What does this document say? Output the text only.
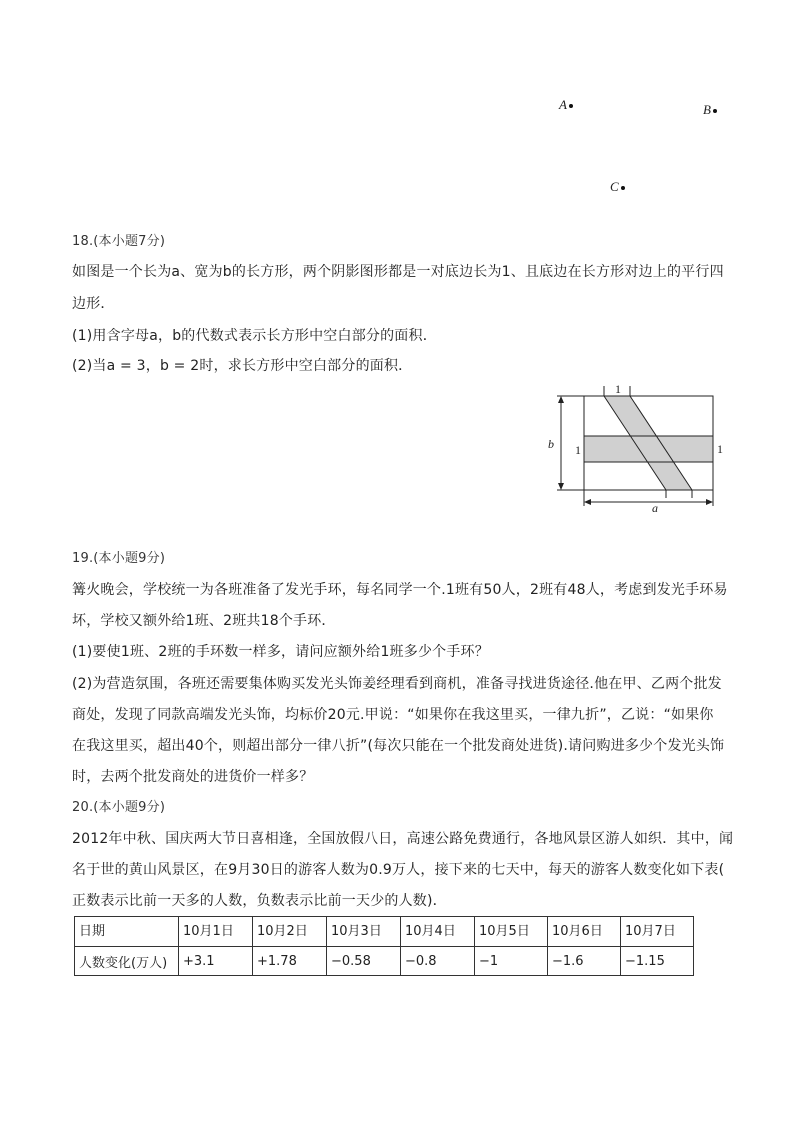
A	B
C
18.(本小题7分)
如图是一个长为a、宽为b的长方形，两个阴影图形都是一对底边长为1、且底边在长方形对边上的平行四
边形．
(1)用含字母a，b的代数式表示长方形中空白部分的面积．
(2)当a = 3，b = 2时，求长方形中空白部分的面积．
1
1
1
b
a
19.(本小题9分)
篝火晚会，学校统一为各班准备了发光手环，每名同学一个.1班有50人，2班有48人，考虑到发光手环易
坏，学校又额外给1班、2班共18个手环．
(1)要使1班、2班的手环数一样多，请问应额外给1班多少个手环？
(2)为营造氛围，各班还需要集体购买发光头饰姜经理看到商机，准备寻找进货途径.他在甲、乙两个批发
商处，发现了同款高端发光头饰，均标价20元.甲说：“如果你在我这里买，一律九折”，乙说：“如果你
在我这里买，超出40个，则超出部分一律八折”(每次只能在一个批发商处进货).请问购进多少个发光头饰
时，去两个批发商处的进货价一样多？
20.(本小题9分)
2012年中秋、国庆两大节日喜相逢，全国放假八日，高速公路免费通行，各地风景区游人如织．其中，闻
名于世的黄山风景区，在9月30日的游客人数为0.9万人，接下来的七天中，每天的游客人数变化如下表(
正数表示比前一天多的人数，负数表示比前一天少的人数)．
日期	10月1日	10月2日	10月3日	10月4日	10月5日	10月6日	10月7日
人数变化(万人)	+3.1	+1.78	−0.58	−0.8	−1	−1.6	−1.15
